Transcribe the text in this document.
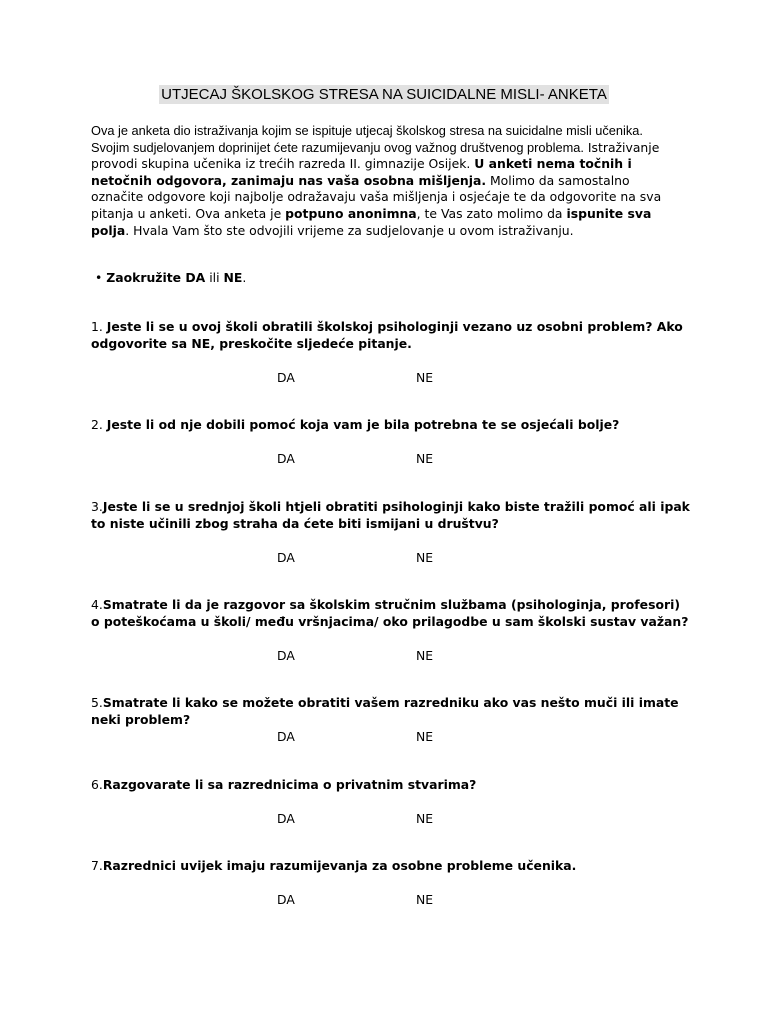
UTJECAJ ŠKOLSKOG STRESA NA SUICIDALNE MISLI- ANKETA
Ova je anketa dio istraživanja kojim se ispituje utjecaj školskog stresa na suicidalne misli učenika. Svojim sudjelovanjem doprinijet ćete razumijevanju ovog važnog društvenog problema. Istraživanje provodi skupina učenika iz trećih razreda II. gimnazije Osijek. U anketi nema točnih i netočnih odgovora, zanimaju nas vaša osobna mišljenja. Molimo da samostalno označite odgovore koji najbolje odražavaju vaša mišljenja i osjećaje te da odgovorite na sva pitanja u anketi. Ova anketa je potpuno anonimna, te Vas zato molimo da ispunite sva polja. Hvala Vam što ste odvojili vrijeme za sudjelovanje u ovom istraživanju.
• Zaokružite DA ili NE.
1. Jeste li se u ovoj školi obratili školskoj psihologinji vezano uz osobni problem? Ako odgovorite sa NE, preskočite sljedeće pitanje.
DA	NE
2. Jeste li od nje dobili pomoć koja vam je bila potrebna te se osjećali bolje?
DA	NE
3.Jeste li se u srednjoj školi htjeli obratiti psihologinji kako biste tražili pomoć ali ipak to niste učinili zbog straha da ćete biti ismijani u društvu?
DA	NE
4.Smatrate li da je razgovor sa školskim stručnim službama (psihologinja, profesori) o poteškoćama u školi/ među vršnjacima/ oko prilagodbe u sam školski sustav važan?
DA	NE
5.Smatrate li kako se možete obratiti vašem razredniku ako vas nešto muči ili imate neki problem?
DA	NE
6.Razgovarate li sa razrednicima o privatnim stvarima?
DA	NE
7.Razrednici uvijek imaju razumijevanja za osobne probleme učenika.
DA	NE
